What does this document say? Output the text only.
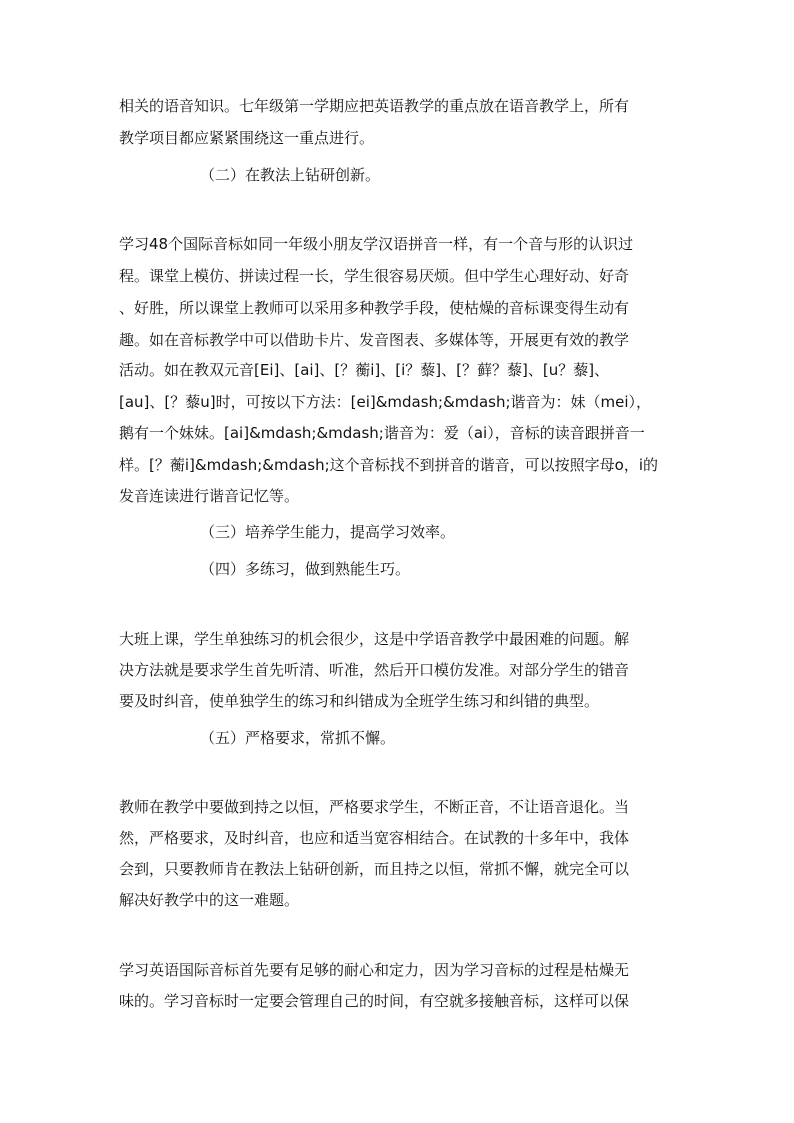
相关的语音知识。七年级第一学期应把英语教学的重点放在语音教学上，所有
教学项目都应紧紧围绕这一重点进行。
（二）在教法上钻研创新。
学习48个国际音标如同一年级小朋友学汉语拼音一样，有一个音与形的认识过
程。课堂上模仿、拼读过程一长，学生很容易厌烦。但中学生心理好动、好奇
、好胜，所以课堂上教师可以采用多种教学手段，使枯燥的音标课变得生动有
趣。如在音标教学中可以借助卡片、发音图表、多媒体等，开展更有效的教学
活动。如在教双元音[Ei]、[ai]、[？蘅i]、[i？藜]、[？藓？藜]、[u？藜]、
[au]、[？藜u]时，可按以下方法：[ei]&mdash;&mdash;谐音为：妹（mei），
鹅有一个妹妹。[ai]&mdash;&mdash;谐音为：爱（ai），音标的读音跟拼音一
样。[？蘅i]&mdash;&mdash;这个音标找不到拼音的谐音，可以按照字母o，i的
发音连读进行谐音记忆等。
（三）培养学生能力，提高学习效率。
（四）多练习，做到熟能生巧。
大班上课，学生单独练习的机会很少，这是中学语音教学中最困难的问题。解
决方法就是要求学生首先听清、听准，然后开口模仿发准。对部分学生的错音
要及时纠音，使单独学生的练习和纠错成为全班学生练习和纠错的典型。
（五）严格要求，常抓不懈。
教师在教学中要做到持之以恒，严格要求学生，不断正音，不让语音退化。当
然，严格要求，及时纠音，也应和适当宽容相结合。在试教的十多年中，我体
会到，只要教师肯在教法上钻研创新，而且持之以恒，常抓不懈，就完全可以
解决好教学中的这一难题。
学习英语国际音标首先要有足够的耐心和定力，因为学习音标的过程是枯燥无
味的。学习音标时一定要会管理自己的时间，有空就多接触音标，这样可以保
